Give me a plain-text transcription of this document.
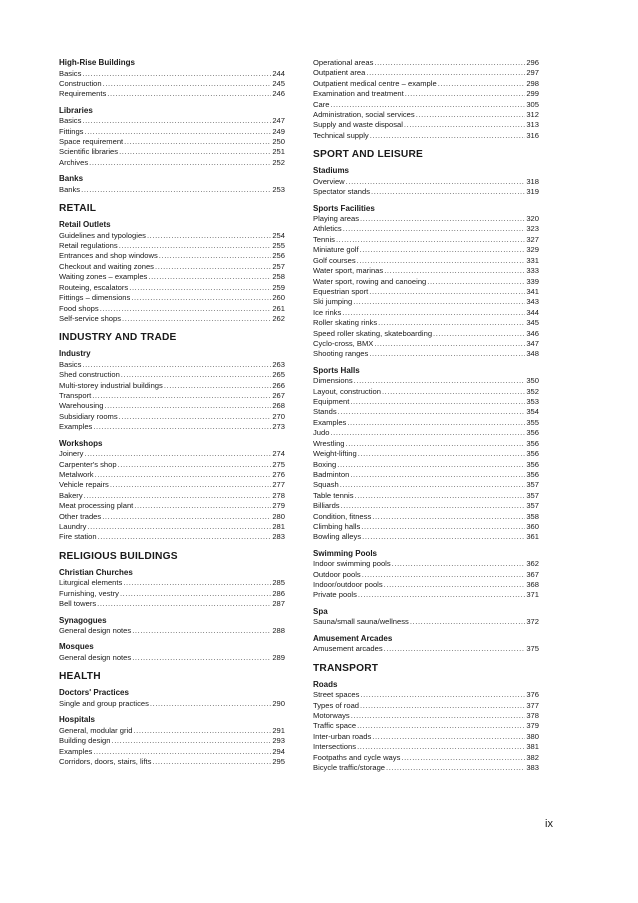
High-Rise Buildings
Basics .....	244
Construction .....	245
Requirements .....	246
Libraries
Basics .....	247
Fittings .....	249
Space requirement .....	250
Scientific libraries .....	251
Archives .....	252
Banks
Banks .....	253
RETAIL
Retail Outlets
Guidelines and typologies .....	254
Retail regulations .....	255
Entrances and shop windows .....	256
Checkout and waiting zones .....	257
Waiting zones – examples .....	258
Routeing, escalators .....	259
Fittings – dimensions .....	260
Food shops .....	261
Self-service shops .....	262
INDUSTRY AND TRADE
Industry
Basics .....	263
Shed construction .....	265
Multi-storey industrial buildings .....	266
Transport .....	267
Warehousing .....	268
Subsidiary rooms .....	270
Examples .....	273
Workshops
Joinery .....	274
Carpenter's shop .....	275
Metalwork .....	276
Vehicle repairs .....	277
Bakery .....	278
Meat processing plant .....	279
Other trades .....	280
Laundry .....	281
Fire station .....	283
RELIGIOUS BUILDINGS
Christian Churches
Liturgical elements .....	285
Furnishing, vestry .....	286
Bell towers .....	287
Synagogues
General design notes .....	288
Mosques
General design notes .....	289
HEALTH
Doctors' Practices
Single and group practices .....	290
Hospitals
General, modular grid .....	291
Building design .....	293
Examples .....	294
Corridors, doors, stairs, lifts .....	295
Operational areas .....	296
Outpatient area .....	297
Outpatient medical centre – example .....	298
Examination and treatment .....	299
Care .....	305
Administration, social services .....	312
Supply and waste disposal .....	313
Technical supply .....	316
SPORT AND LEISURE
Stadiums
Overview .....	318
Spectator stands .....	319
Sports Facilities
Playing areas .....	320
Athletics .....	323
Tennis .....	327
Miniature golf .....	329
Golf courses .....	331
Water sport, marinas .....	333
Water sport, rowing and canoeing .....	339
Equestrian sport .....	341
Ski jumping .....	343
Ice rinks .....	344
Roller skating rinks .....	345
Speed roller skating, skateboarding .....	346
Cyclo-cross, BMX .....	347
Shooting ranges .....	348
Sports Halls
Dimensions .....	350
Layout, construction .....	352
Equipment .....	353
Stands .....	354
Examples .....	355
Judo .....	356
Wrestling .....	356
Weight-lifting .....	356
Boxing .....	356
Badminton .....	356
Squash .....	357
Table tennis .....	357
Billiards .....	357
Condition, fitness .....	358
Climbing halls .....	360
Bowling alleys .....	361
Swimming Pools
Indoor swimming pools .....	362
Outdoor pools .....	367
Indoor/outdoor pools .....	368
Private pools .....	371
Spa
Sauna/small sauna/wellness .....	372
Amusement Arcades
Amusement arcades .....	375
TRANSPORT
Roads
Street spaces .....	376
Types of road .....	377
Motorways .....	378
Traffic space .....	379
Inter-urban roads .....	380
Intersections .....	381
Footpaths and cycle ways .....	382
Bicycle traffic/storage .....	383
ix
